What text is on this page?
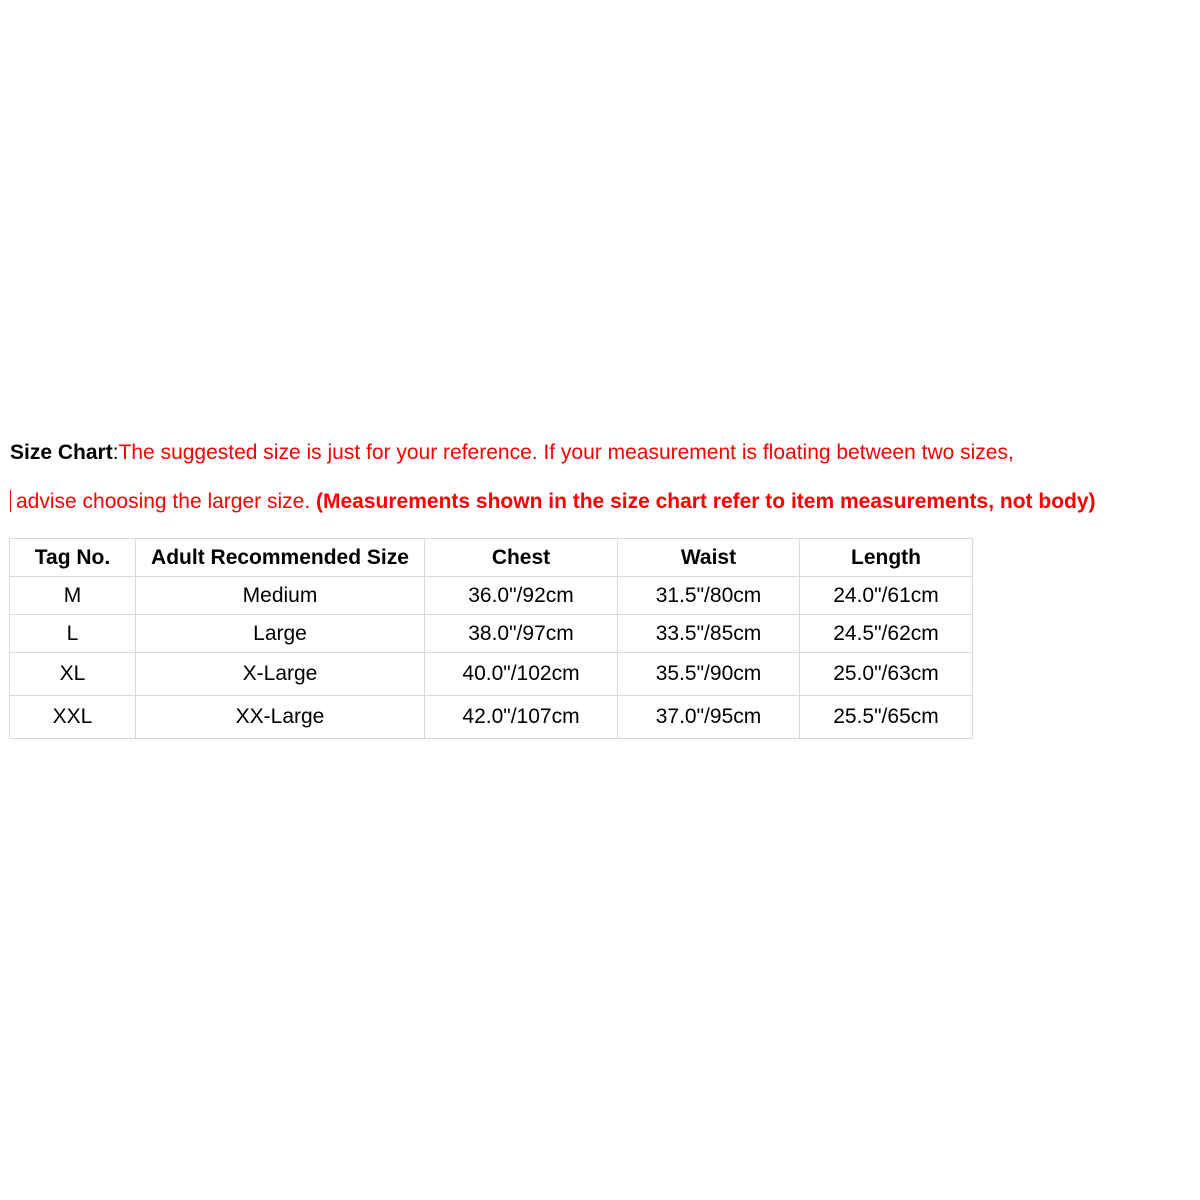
Size Chart:The suggested size is just for your reference. If your measurement is floating between two sizes,
advise choosing the larger size. (Measurements shown in the size chart refer to item measurements, not body)
Tag No.	Adult Recommended Size	Chest	Waist	Length
M	Medium	36.0"/92cm	31.5"/80cm	24.0"/61cm
L	Large	38.0"/97cm	33.5"/85cm	24.5"/62cm
XL	X-Large	40.0"/102cm	35.5"/90cm	25.0"/63cm
XXL	XX-Large	42.0"/107cm	37.0"/95cm	25.5"/65cm
